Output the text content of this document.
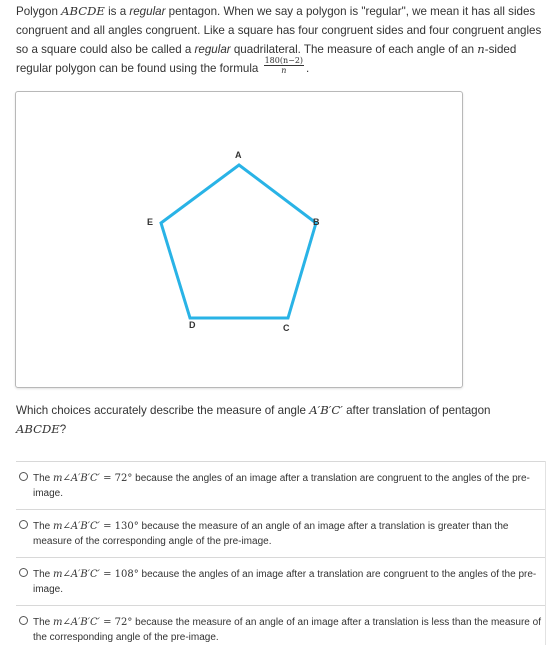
Polygon ABCDE is a regular pentagon. When we say a polygon is "regular", we mean it has all sides congruent and all angles congruent. Like a square has four congruent sides and four congruent angles so a square could also be called a regular quadrilateral. The measure of each angle of an n-sided regular polygon can be found using the formula $\frac{180(n-2)}{n}$ .
A
B
C
D
E
Which choices accurately describe the measure of angle A′B′C′ after translation of pentagon
ABCDE?
The m∠A′B′C′ = 72° because the angles of an image after a translation are congruent to the angles of the pre-image.
The m∠A′B′C′ = 130° because the measure of an angle of an image after a translation is greater than the measure of the corresponding angle of the pre-image.
The m∠A′B′C′ = 108° because the angles of an image after a translation are congruent to the angles of the pre-image.
The m∠A′B′C′ = 72° because the measure of an angle of an image after a translation is less than the measure of the corresponding angle of the pre-image.
